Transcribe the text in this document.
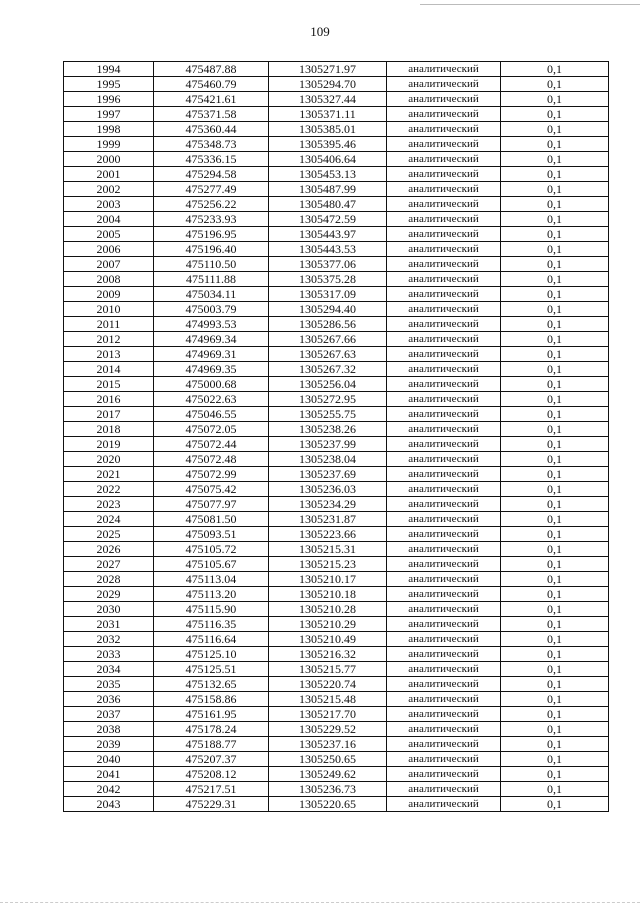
109
1994	475487.88	1305271.97	аналитический	0,1
1995	475460.79	1305294.70	аналитический	0,1
1996	475421.61	1305327.44	аналитический	0,1
1997	475371.58	1305371.11	аналитический	0,1
1998	475360.44	1305385.01	аналитический	0,1
1999	475348.73	1305395.46	аналитический	0,1
2000	475336.15	1305406.64	аналитический	0,1
2001	475294.58	1305453.13	аналитический	0,1
2002	475277.49	1305487.99	аналитический	0,1
2003	475256.22	1305480.47	аналитический	0,1
2004	475233.93	1305472.59	аналитический	0,1
2005	475196.95	1305443.97	аналитический	0,1
2006	475196.40	1305443.53	аналитический	0,1
2007	475110.50	1305377.06	аналитический	0,1
2008	475111.88	1305375.28	аналитический	0,1
2009	475034.11	1305317.09	аналитический	0,1
2010	475003.79	1305294.40	аналитический	0,1
2011	474993.53	1305286.56	аналитический	0,1
2012	474969.34	1305267.66	аналитический	0,1
2013	474969.31	1305267.63	аналитический	0,1
2014	474969.35	1305267.32	аналитический	0,1
2015	475000.68	1305256.04	аналитический	0,1
2016	475022.63	1305272.95	аналитический	0,1
2017	475046.55	1305255.75	аналитический	0,1
2018	475072.05	1305238.26	аналитический	0,1
2019	475072.44	1305237.99	аналитический	0,1
2020	475072.48	1305238.04	аналитический	0,1
2021	475072.99	1305237.69	аналитический	0,1
2022	475075.42	1305236.03	аналитический	0,1
2023	475077.97	1305234.29	аналитический	0,1
2024	475081.50	1305231.87	аналитический	0,1
2025	475093.51	1305223.66	аналитический	0,1
2026	475105.72	1305215.31	аналитический	0,1
2027	475105.67	1305215.23	аналитический	0,1
2028	475113.04	1305210.17	аналитический	0,1
2029	475113.20	1305210.18	аналитический	0,1
2030	475115.90	1305210.28	аналитический	0,1
2031	475116.35	1305210.29	аналитический	0,1
2032	475116.64	1305210.49	аналитический	0,1
2033	475125.10	1305216.32	аналитический	0,1
2034	475125.51	1305215.77	аналитический	0,1
2035	475132.65	1305220.74	аналитический	0,1
2036	475158.86	1305215.48	аналитический	0,1
2037	475161.95	1305217.70	аналитический	0,1
2038	475178.24	1305229.52	аналитический	0,1
2039	475188.77	1305237.16	аналитический	0,1
2040	475207.37	1305250.65	аналитический	0,1
2041	475208.12	1305249.62	аналитический	0,1
2042	475217.51	1305236.73	аналитический	0,1
2043	475229.31	1305220.65	аналитический	0,1
